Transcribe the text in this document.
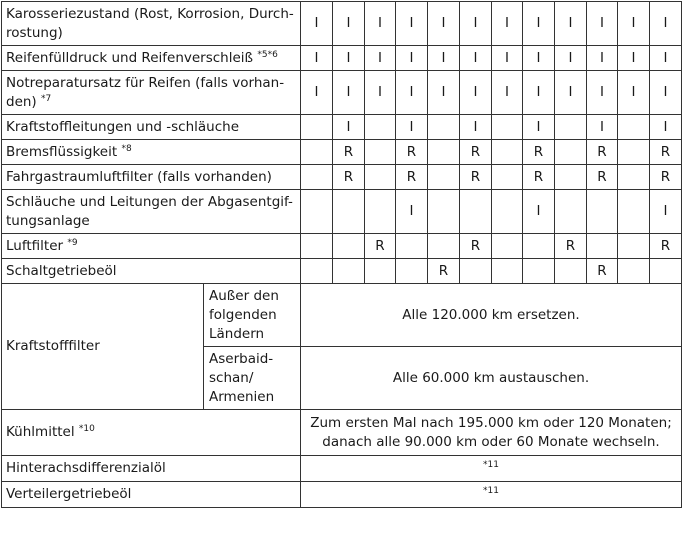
Karosseriezustand (Rost, Korrosion, Durch-
rostung)		I	I	I	I	I	I	I	I	I	I	I	I
Reifenfülldruck und Reifenverschleiß $^{*5*6}$		I	I	I	I	I	I	I	I	I	I	I	I
Notreparatursatz für Reifen (falls vorhan-
den) $^{*7}$		I	I	I	I	I	I	I	I	I	I	I	I
Kraftstoffleitungen und -schläuche			I		I		I		I		I		I
Bremsflüssigkeit $^{*8}$			R		R		R		R		R		R
Fahrgastraumluftfilter (falls vorhanden)			R		R		R		R		R		R
Schläuche und Leitungen der Abgasentgif-
tungsanlage					I				I				I
Luftfilter $^{*9}$				R			R			R			R
Schaltgetriebeöl						R					R		
Kraftstofffilter	Außer den
folgenden
Ländern	Alle 120.000 km ersetzen.											
	Aserbaid-
schan/
Armenien	Alle 60.000 km austauschen.											
Kühlmittel $^{*10}$		Zum ersten Mal nach 195.000 km oder 120 Monaten;
danach alle 90.000 km oder 60 Monate wechseln.											
Hinterachsdifferenzialöl		$^{*11}$
Verteilergetriebeöl		$^{*11}$
